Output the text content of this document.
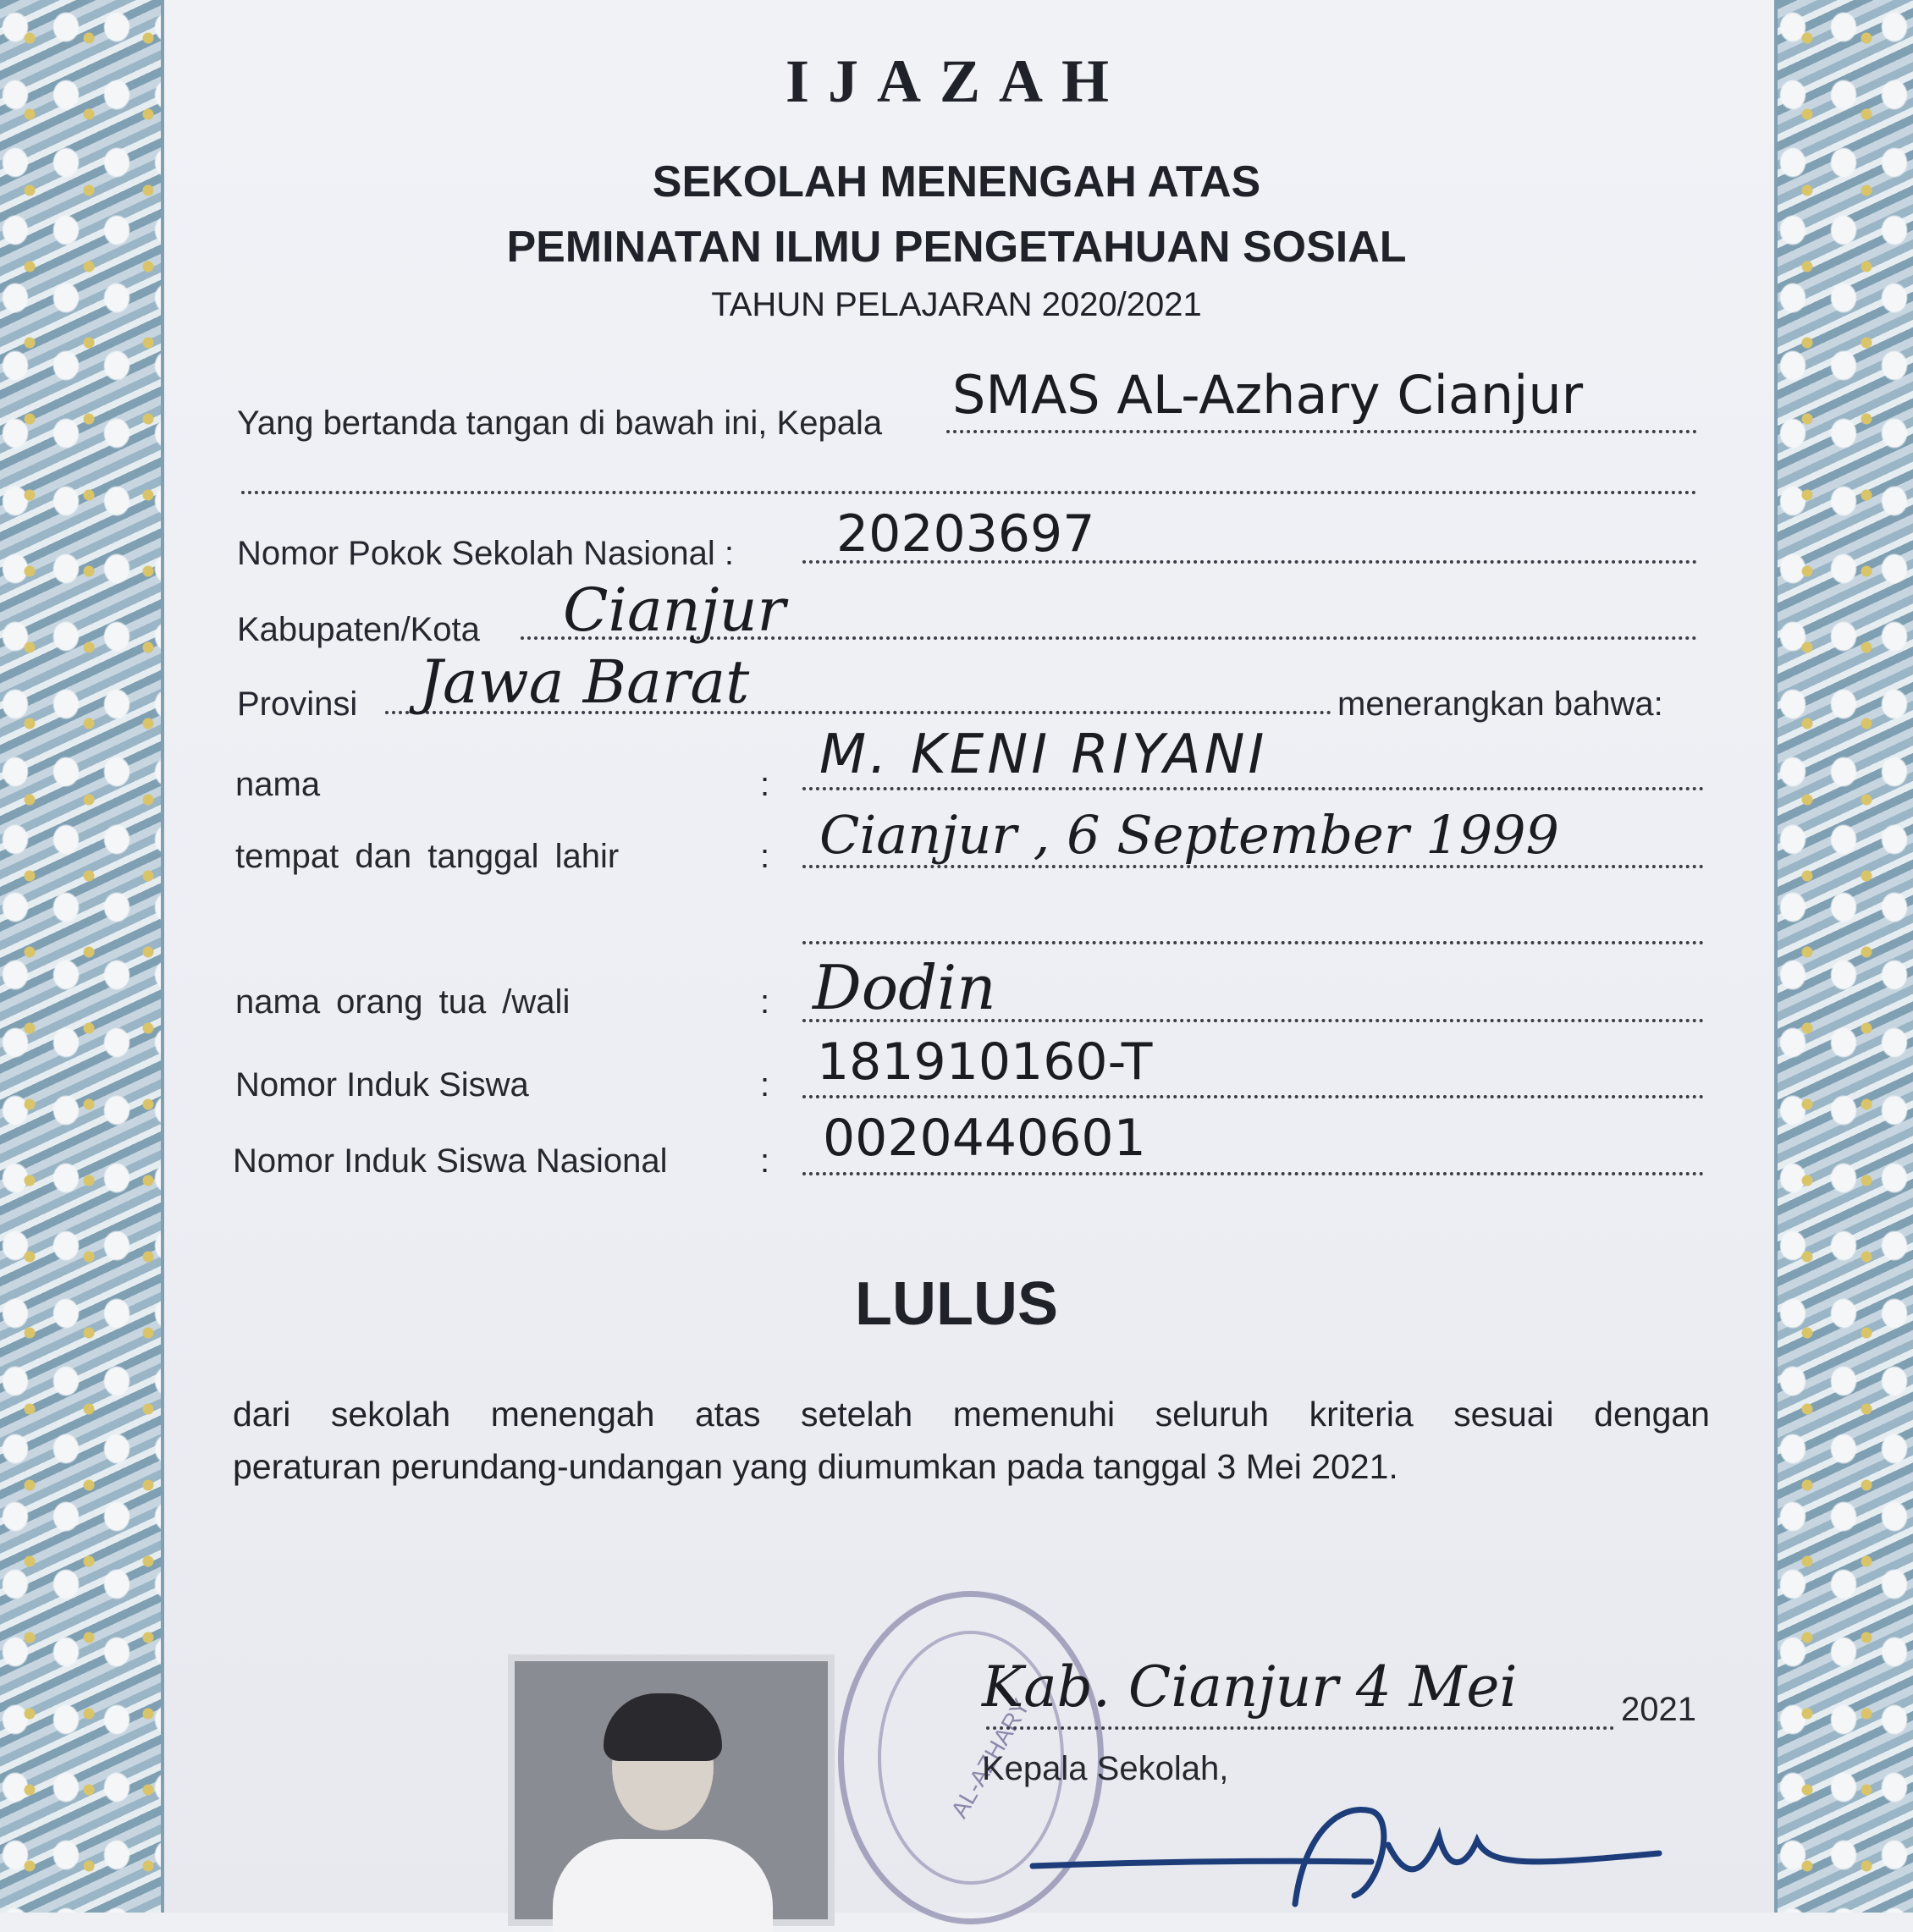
IJAZAH
SEKOLAH MENENGAH ATAS
PEMINATAN ILMU PENGETAHUAN SOSIAL
TAHUN PELAJARAN 2020/2021
Yang bertanda tangan di bawah ini, Kepala SMAS AL-Azhary Cianjur
Nomor Pokok Sekolah Nasional : 20203697
Kabupaten/Kota Cianjur
Provinsi Jawa Barat	menerangkan bahwa:
nama	: M. KENI RIYANI
tempat dan tanggal lahir	: Cianjur , 6 September 1999
nama orang tua /wali	: Dodin
Nomor Induk Siswa	: 181910160-T
Nomor Induk Siswa Nasional	: 0020440601
LULUS
dari sekolah menengah atas setelah memenuhi seluruh kriteria sesuai dengan
peraturan perundang-undangan yang diumumkan pada tanggal 3 Mei 2021.
AL-AZHARY
Kab. Cianjur 4 Mei	2021
Kepala Sekolah,
